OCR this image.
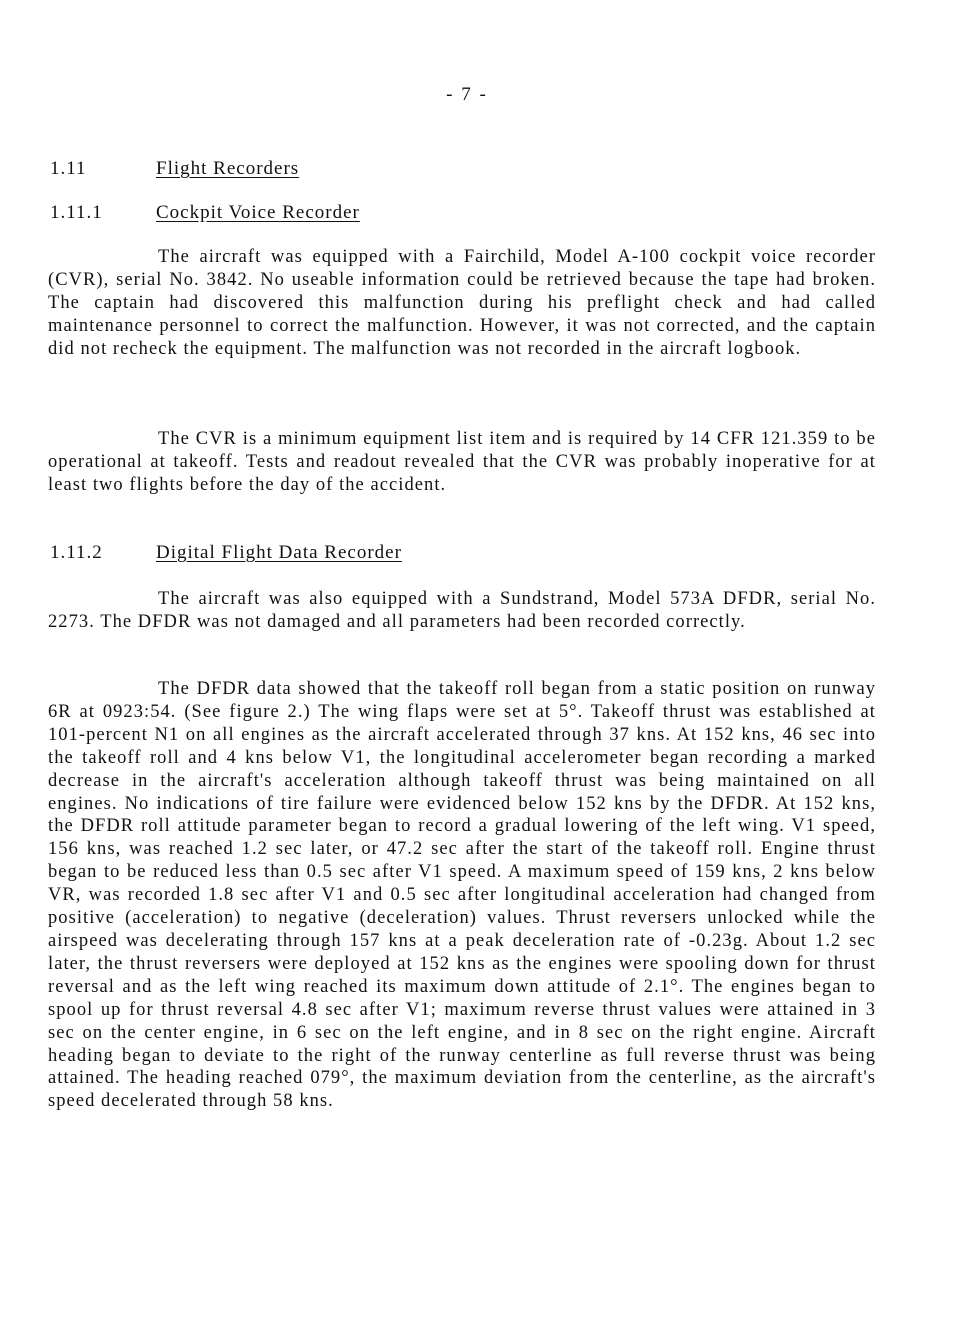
- 7 -
1.11	Flight Recorders
1.11.1	Cockpit Voice Recorder

The aircraft was equipped with a Fairchild, Model A-100 cockpit voice recorder (CVR), serial No. 3842. No useable information could be retrieved because the tape had broken. The captain had discovered this malfunction during his preflight check and had called maintenance personnel to correct the malfunction. However, it was not corrected, and the captain did not recheck the equipment. The malfunction was not recorded in the aircraft logbook.

The CVR is a minimum equipment list item and is required by 14 CFR 121.359 to be operational at takeoff. Tests and readout revealed that the CVR was probably inoperative for at least two flights before the day of the accident.

1.11.2	Digital Flight Data Recorder

The aircraft was also equipped with a Sundstrand, Model 573A DFDR, serial No. 2273. The DFDR was not damaged and all parameters had been recorded correctly.

The DFDR data showed that the takeoff roll began from a static position on runway 6R at 0923:54. (See figure 2.) The wing flaps were set at 5°. Takeoff thrust was established at 101-percent N1 on all engines as the aircraft accelerated through 37 kns. At 152 kns, 46 sec into the takeoff roll and 4 kns below V1, the longitudinal accelerometer began recording a marked decrease in the aircraft's acceleration although takeoff thrust was being maintained on all engines. No indications of tire failure were evidenced below 152 kns by the DFDR. At 152 kns, the DFDR roll attitude parameter began to record a gradual lowering of the left wing. V1 speed, 156 kns, was reached 1.2 sec later, or 47.2 sec after the start of the takeoff roll. Engine thrust began to be reduced less than 0.5 sec after V1 speed. A maximum speed of 159 kns, 2 kns below VR, was recorded 1.8 sec after V1 and 0.5 sec after longitudinal acceleration had changed from positive (acceleration) to negative (deceleration) values. Thrust reversers unlocked while the airspeed was decelerating through 157 kns at a peak deceleration rate of -0.23g. About 1.2 sec later, the thrust reversers were deployed at 152 kns as the engines were spooling down for thrust reversal and as the left wing reached its maximum down attitude of 2.1°. The engines began to spool up for thrust reversal 4.8 sec after V1; maximum reverse thrust values were attained in 3 sec on the center engine, in 6 sec on the left engine, and in 8 sec on the right engine. Aircraft heading began to deviate to the right of the runway centerline as full reverse thrust was being attained. The heading reached 079°, the maximum deviation from the centerline, as the aircraft's speed decelerated through 58 kns.
